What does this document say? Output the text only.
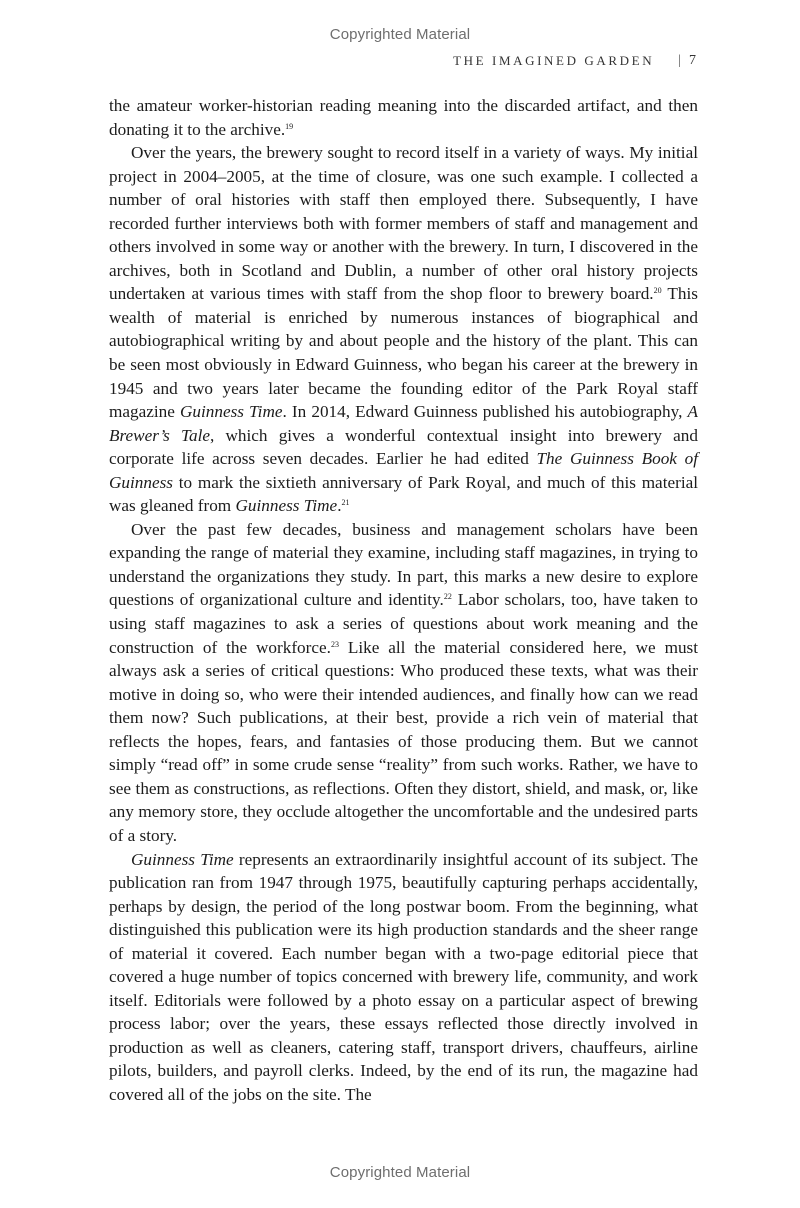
Copyrighted Material
THE IMAGINED GARDEN | 7

the amateur worker-historian reading meaning into the discarded artifact, and then donating it to the archive.$^{19}$

Over the years, the brewery sought to record itself in a variety of ways. My initial project in 2004–2005, at the time of closure, was one such example. I collected a number of oral histories with staff then employed there. Subsequently, I have recorded further interviews both with former members of staff and management and others involved in some way or another with the brewery. In turn, I discovered in the archives, both in Scotland and Dublin, a number of other oral history projects undertaken at various times with staff from the shop floor to brewery board.$^{20}$ This wealth of material is enriched by numerous instances of biographical and autobiographical writing by and about people and the history of the plant. This can be seen most obviously in Edward Guinness, who began his career at the brewery in 1945 and two years later became the founding editor of the Park Royal staff magazine Guinness Time. In 2014, Edward Guinness published his autobiography, A Brewer’s Tale, which gives a wonderful contextual insight into brewery and corporate life across seven decades. Earlier he had edited The Guinness Book of Guinness to mark the sixtieth anniversary of Park Royal, and much of this material was gleaned from Guinness Time.$^{21}$

Over the past few decades, business and management scholars have been expanding the range of material they examine, including staff magazines, in trying to understand the organizations they study. In part, this marks a new desire to explore questions of organizational culture and identity.$^{22}$ Labor scholars, too, have taken to using staff magazines to ask a series of questions about work meaning and the construction of the workforce.$^{23}$ Like all the material considered here, we must always ask a series of critical questions: Who produced these texts, what was their motive in doing so, who were their intended audiences, and finally how can we read them now? Such publications, at their best, provide a rich vein of material that reflects the hopes, fears, and fantasies of those producing them. But we cannot simply “read off” in some crude sense “reality” from such works. Rather, we have to see them as constructions, as reflections. Often they distort, shield, and mask, or, like any memory store, they occlude altogether the uncomfortable and the undesired parts of a story.

Guinness Time represents an extraordinarily insightful account of its subject. The publication ran from 1947 through 1975, beautifully capturing perhaps accidentally, perhaps by design, the period of the long postwar boom. From the beginning, what distinguished this publication were its high production standards and the sheer range of material it covered. Each number began with a two-page editorial piece that covered a huge number of topics concerned with brewery life, community, and work itself. Editorials were followed by a photo essay on a particular aspect of brewing process labor; over the years, these essays reflected those directly involved in production as well as cleaners, catering staff, transport drivers, chauffeurs, airline pilots, builders, and payroll clerks. Indeed, by the end of its run, the magazine had covered all of the jobs on the site. The

Copyrighted Material
